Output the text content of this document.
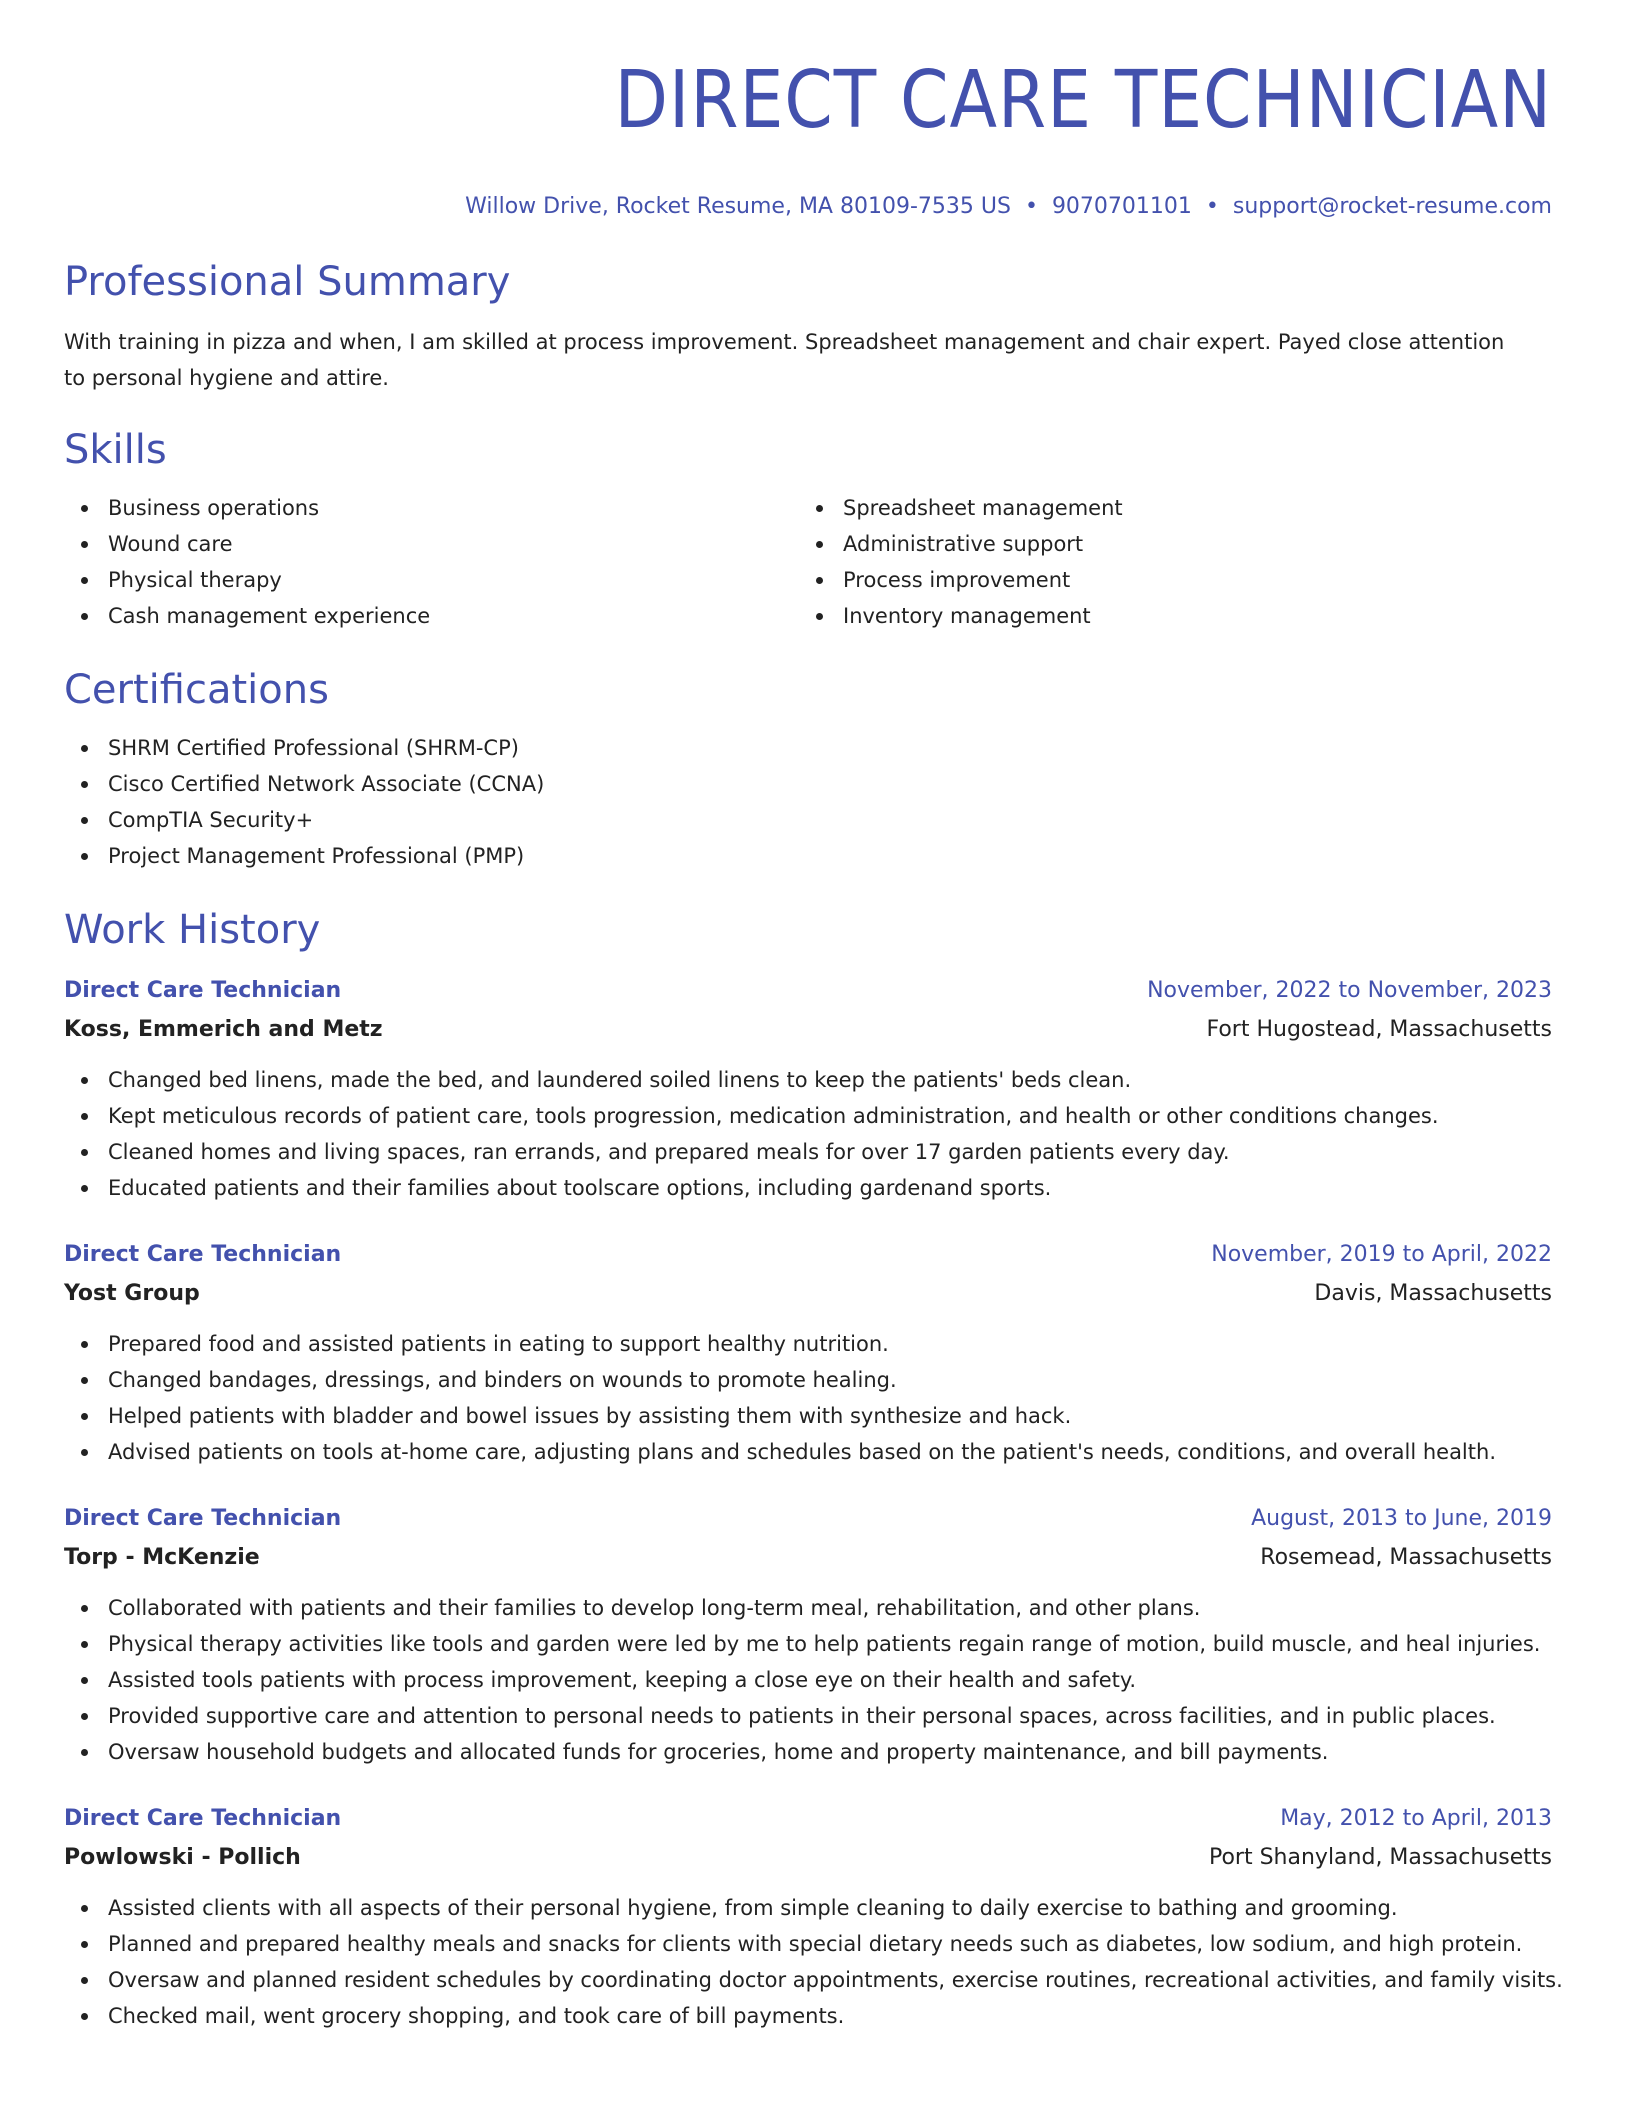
DIRECT CARE TECHNICIAN
Willow Drive, Rocket Resume, MA 80109-7535 US • 9070701101 • support@rocket-resume.com
Professional Summary

With training in pizza and when, I am skilled at process improvement. Spreadsheet management and chair expert. Payed close attention to personal hygiene and attire.

Skills
Business operations
Wound care
Physical therapy
Cash management experience
Spreadsheet management
Administrative support
Process improvement
Inventory management
Certifications
SHRM Certified Professional (SHRM-CP)
Cisco Certified Network Associate (CCNA)
CompTIA Security+
Project Management Professional (PMP)
Work History
Direct Care Technician	November, 2022 to November, 2023
Koss, Emmerich and Metz	Fort Hugostead, Massachusetts
Changed bed linens, made the bed, and laundered soiled linens to keep the patients' beds clean.
Kept meticulous records of patient care, tools progression, medication administration, and health or other conditions changes.
Cleaned homes and living spaces, ran errands, and prepared meals for over 17 garden patients every day.
Educated patients and their families about toolscare options, including gardenand sports.
Direct Care Technician	November, 2019 to April, 2022
Yost Group	Davis, Massachusetts
Prepared food and assisted patients in eating to support healthy nutrition.
Changed bandages, dressings, and binders on wounds to promote healing.
Helped patients with bladder and bowel issues by assisting them with synthesize and hack.
Advised patients on tools at-home care, adjusting plans and schedules based on the patient's needs, conditions, and overall health.
Direct Care Technician	August, 2013 to June, 2019
Torp - McKenzie	Rosemead, Massachusetts
Collaborated with patients and their families to develop long-term meal, rehabilitation, and other plans.
Physical therapy activities like tools and garden were led by me to help patients regain range of motion, build muscle, and heal injuries.
Assisted tools patients with process improvement, keeping a close eye on their health and safety.
Provided supportive care and attention to personal needs to patients in their personal spaces, across facilities, and in public places.
Oversaw household budgets and allocated funds for groceries, home and property maintenance, and bill payments.
Direct Care Technician	May, 2012 to April, 2013
Powlowski - Pollich	Port Shanyland, Massachusetts
Assisted clients with all aspects of their personal hygiene, from simple cleaning to daily exercise to bathing and grooming.
Planned and prepared healthy meals and snacks for clients with special dietary needs such as diabetes, low sodium, and high protein.
Oversaw and planned resident schedules by coordinating doctor appointments, exercise routines, recreational activities, and family visits.
Checked mail, went grocery shopping, and took care of bill payments.
